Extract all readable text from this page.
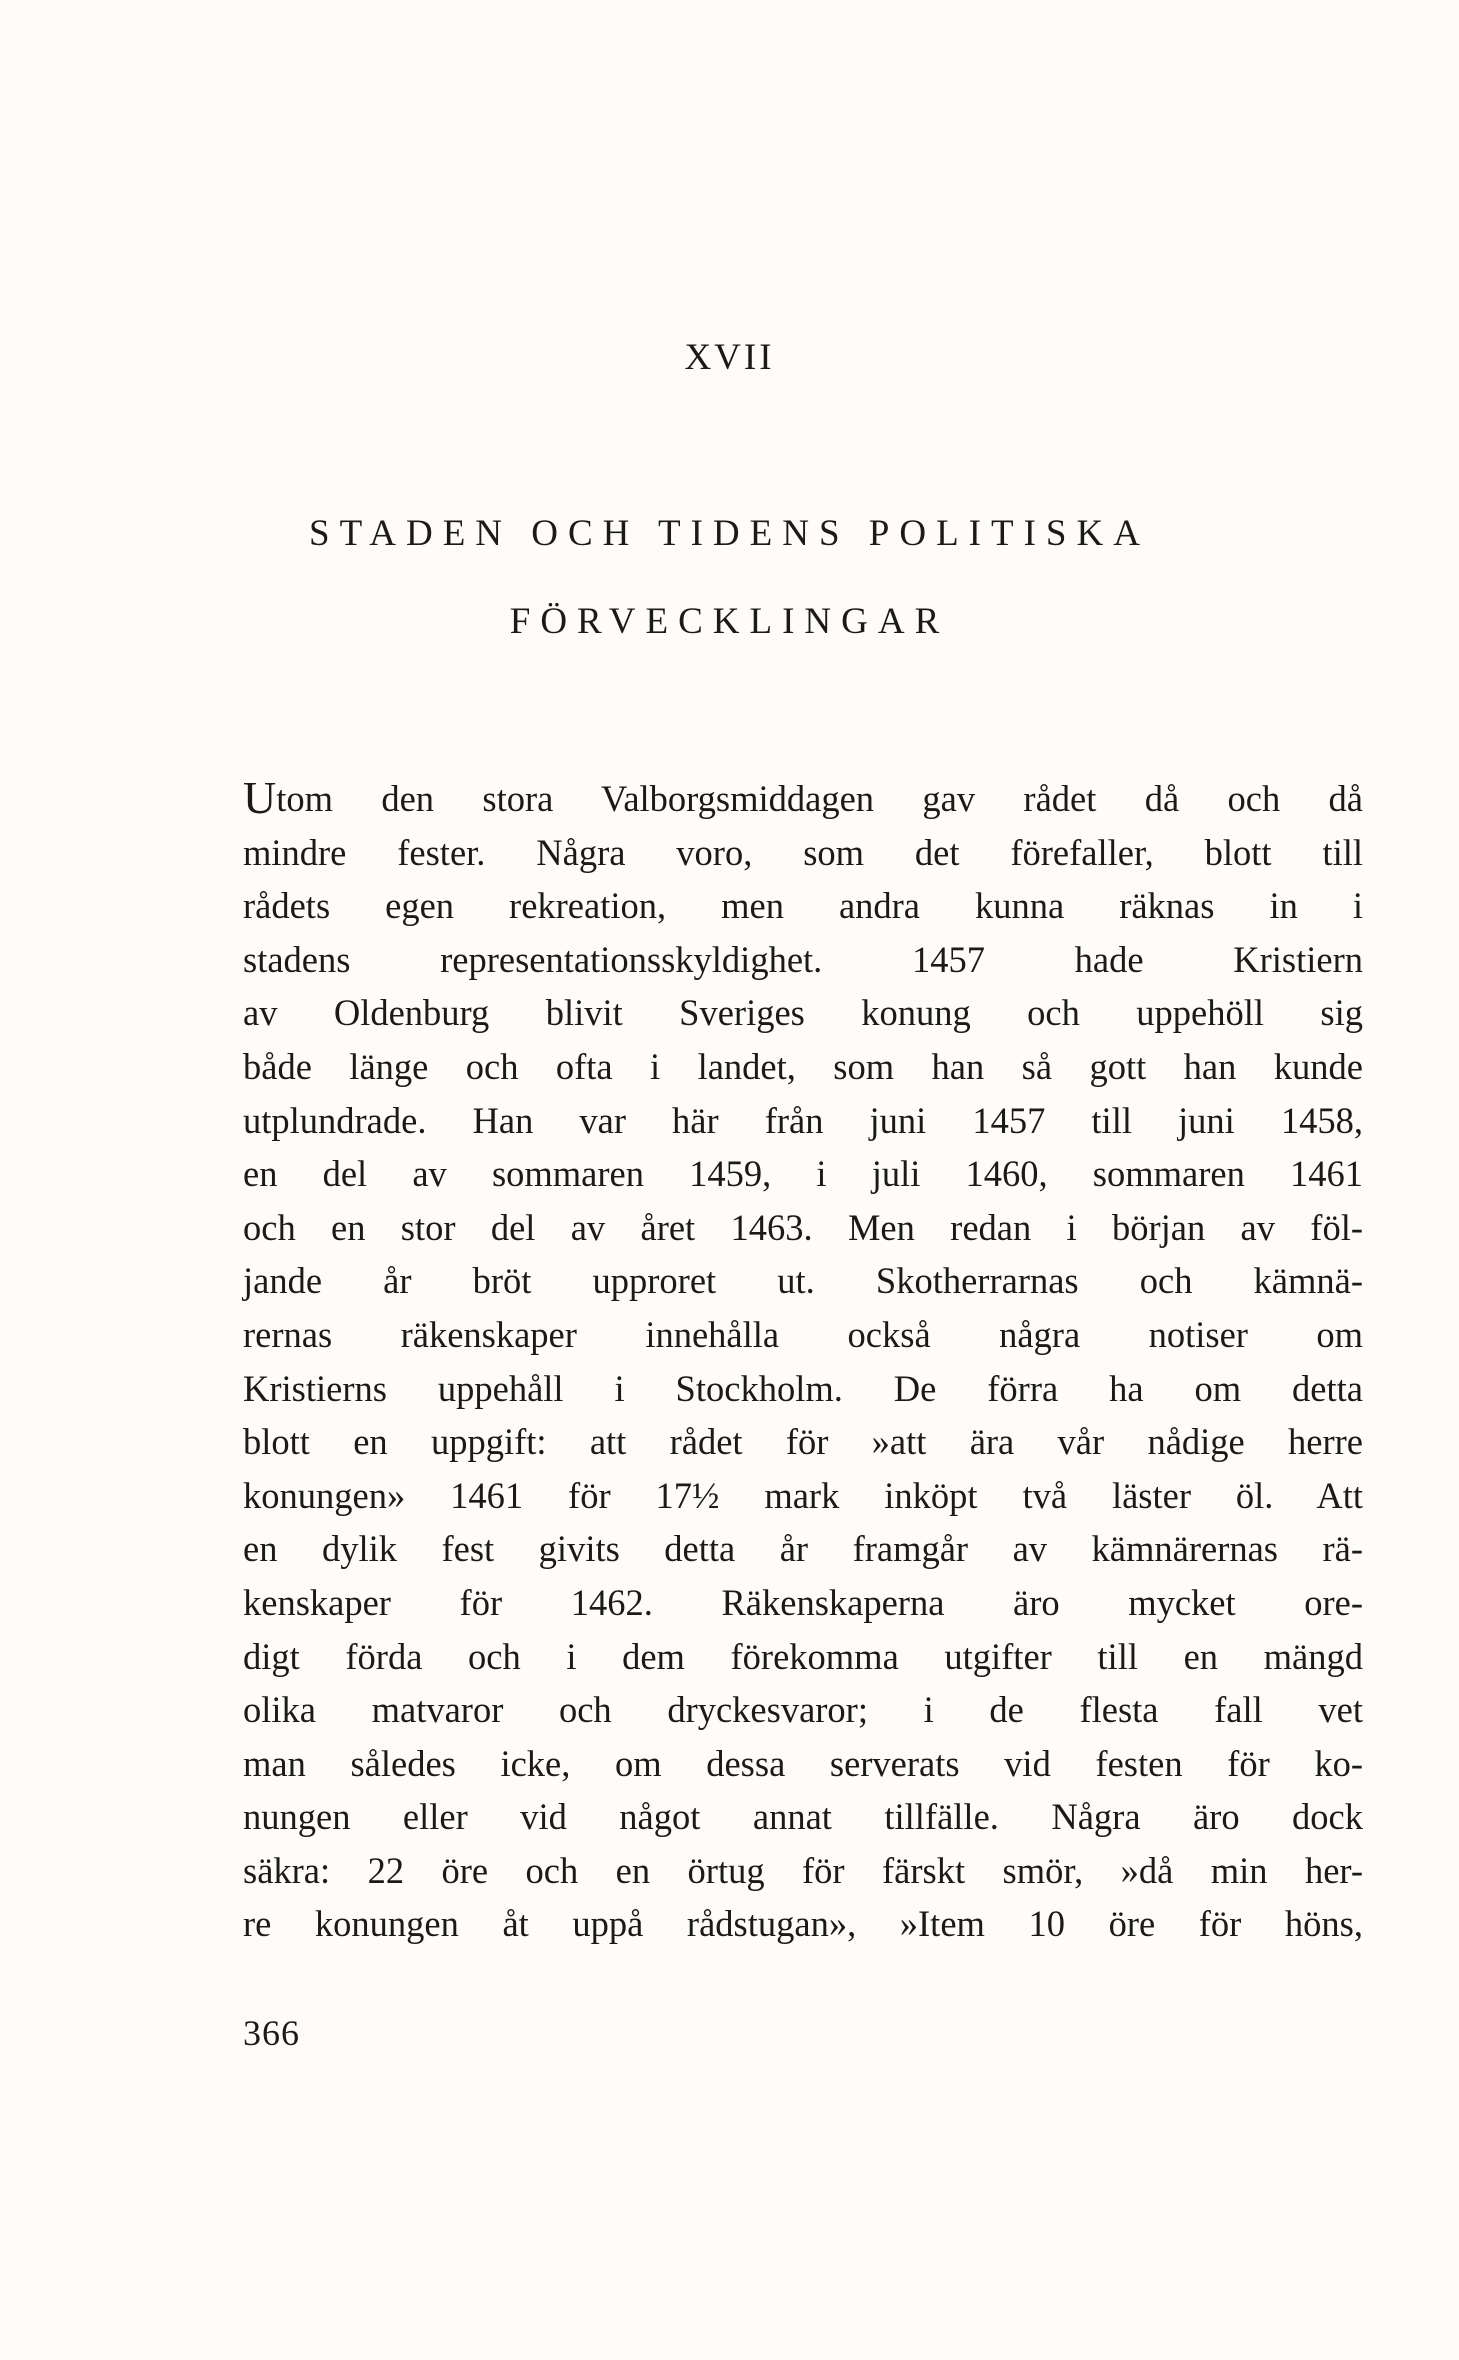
XVII
STADEN OCH TIDENS POLITISKA
FÖRVECKLINGAR
Utom den stora Valborgsmiddagen gav rådet då och då
mindre fester. Några voro, som det förefaller, blott till
rådets egen rekreation, men andra kunna räknas in i
stadens representationsskyldighet. 1457 hade Kristiern
av Oldenburg blivit Sveriges konung och uppehöll sig
både länge och ofta i landet, som han så gott han kunde
utplundrade. Han var här från juni 1457 till juni 1458,
en del av sommaren 1459, i juli 1460, sommaren 1461
och en stor del av året 1463. Men redan i början av föl-
jande år bröt upproret ut. Skotherrarnas och kämnä-
rernas räkenskaper innehålla också några notiser om
Kristierns uppehåll i Stockholm. De förra ha om detta
blott en uppgift: att rådet för »att ära vår nådige herre
konungen» 1461 för 17½ mark inköpt två läster öl. Att
en dylik fest givits detta år framgår av kämnärernas rä-
kenskaper för 1462. Räkenskaperna äro mycket ore-
digt förda och i dem förekomma utgifter till en mängd
olika matvaror och dryckesvaror; i de flesta fall vet
man således icke, om dessa serverats vid festen för ko-
nungen eller vid något annat tillfälle. Några äro dock
säkra: 22 öre och en örtug för färskt smör, »då min her-
re konungen åt uppå rådstugan», »Item 10 öre för höns,
366
